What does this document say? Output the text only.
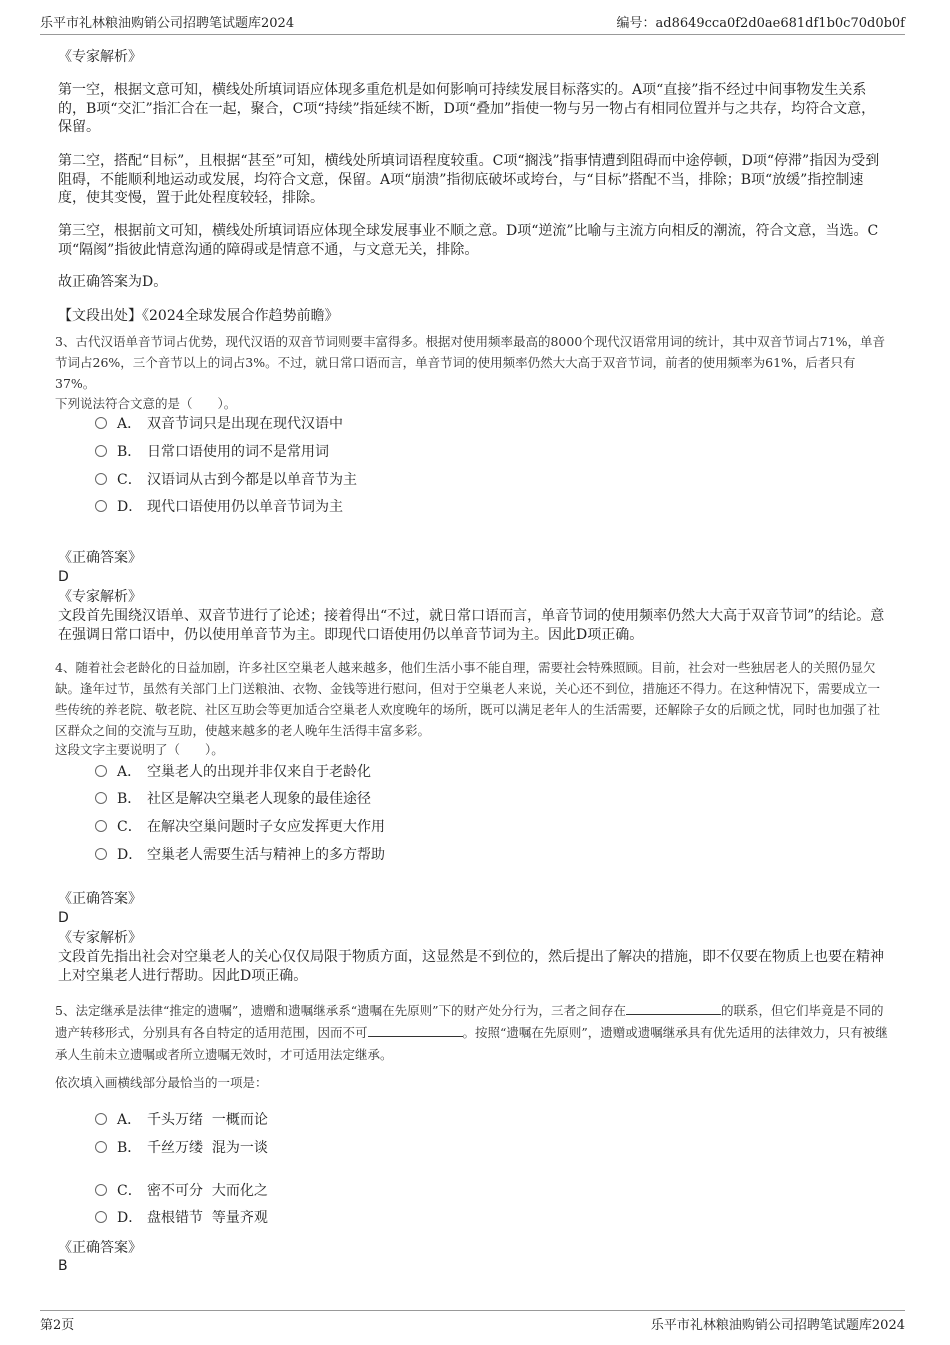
乐平市礼林粮油购销公司招聘笔试题库2024	编号：ad8649cca0f2d0ae681df1b0c70d0b0f
《专家解析》

第一空，根据文意可知，横线处所填词语应体现多重危机是如何影响可持续发展目标落实的。A项“直接”指不经过中间事物发生关系的，B项“交汇”指汇合在一起，聚合，C项“持续”指延续不断，D项“叠加”指使一物与另一物占有相同位置并与之共存，均符合文意，保留。

第二空，搭配“目标”，且根据“甚至”可知，横线处所填词语程度较重。C项“搁浅”指事情遭到阻碍而中途停顿，D项“停滞”指因为受到阻碍，不能顺利地运动或发展，均符合文意，保留。A项“崩溃”指彻底破坏或垮台，与“目标”搭配不当，排除；B项“放缓”指控制速度，使其变慢，置于此处程度较轻，排除。

第三空，根据前文可知，横线处所填词语应体现全球发展事业不顺之意。D项“逆流”比喻与主流方向相反的潮流，符合文意，当选。C项“隔阂”指彼此情意沟通的障碍或是情意不通，与文意无关，排除。

故正确答案为D。

【文段出处】《2024全球发展合作趋势前瞻》

3、古代汉语单音节词占优势，现代汉语的双音节词则要丰富得多。根据对使用频率最高的8000个现代汉语常用词的统计，其中双音节词占71%，单音节词占26%，三个音节以上的词占3%。不过，就日常口语而言，单音节词的使用频率仍然大大高于双音节词，前者的使用频率为61%，后者只有37%。

下列说法符合文意的是（　　）。

A． 双音节词只是出现在现代汉语中
B． 日常口语使用的词不是常用词
C． 汉语词从古到今都是以单音节为主
D． 现代口语使用仍以单音节词为主
《正确答案》
D
《专家解析》

文段首先围绕汉语单、双音节进行了论述；接着得出“不过，就日常口语而言，单音节词的使用频率仍然大大高于双音节词”的结论。意在强调日常口语中，仍以使用单音节为主。即现代口语使用仍以单音节词为主。因此D项正确。

4、随着社会老龄化的日益加剧，许多社区空巢老人越来越多，他们生活小事不能自理，需要社会特殊照顾。目前，社会对一些独居老人的关照仍显欠缺。逢年过节，虽然有关部门上门送粮油、衣物、金钱等进行慰问，但对于空巢老人来说，关心还不到位，措施还不得力。在这种情况下，需要成立一些传统的养老院、敬老院、社区互助会等更加适合空巢老人欢度晚年的场所，既可以满足老年人的生活需要，还解除子女的后顾之忧，同时也加强了社区群众之间的交流与互助，使越来越多的老人晚年生活得丰富多彩。

这段文字主要说明了（　　）。

A． 空巢老人的出现并非仅来自于老龄化
B． 社区是解决空巢老人现象的最佳途径
C． 在解决空巢问题时子女应发挥更大作用
D． 空巢老人需要生活与精神上的多方帮助
《正确答案》
D
《专家解析》

文段首先指出社会对空巢老人的关心仅仅局限于物质方面，这显然是不到位的，然后提出了解决的措施，即不仅要在物质上也要在精神上对空巢老人进行帮助。因此D项正确。

5、法定继承是法律“推定的遗嘱”，遗赠和遗嘱继承系“遗嘱在先原则”下的财产处分行为，三者之间存在	的联系，但它们毕竟是不同的遗产转移形式，分别具有各自特定的适用范围，因而不可	。按照“遗嘱在先原则”，遗赠或遗嘱继承具有优先适用的法律效力，只有被继承人生前未立遗嘱或者所立遗嘱无效时，才可适用法定继承。

依次填入画横线部分最恰当的一项是：

A． 千头万绪  一概而论
B． 千丝万缕  混为一谈
C． 密不可分  大而化之
D． 盘根错节  等量齐观
《正确答案》
B
第2页	乐平市礼林粮油购销公司招聘笔试题库2024
